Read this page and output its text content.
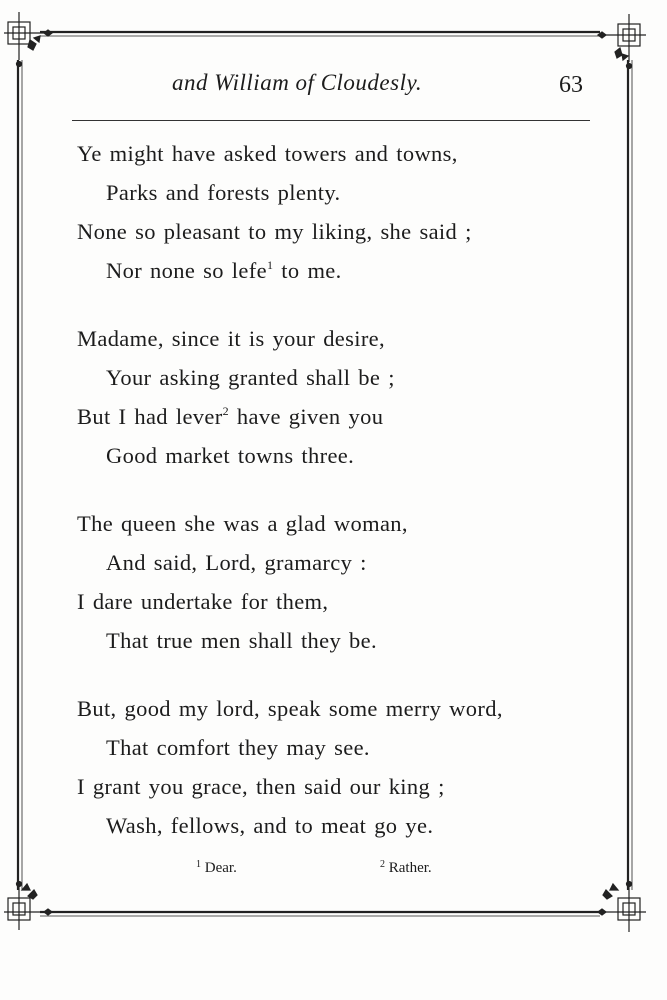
and William of Cloudesly.	63
Ye might have asked towers and towns,
Parks and forests plenty.
None so pleasant to my liking, she said ;
Nor none so lefe$^1$ to me.
Madame, since it is your desire,
Your asking granted shall be ;
But I had lever$^2$ have given you
Good market towns three.
The queen she was a glad woman,
And said, Lord, gramarcy :
I dare undertake for them,
That true men shall they be.
But, good my lord, speak some merry word,
That comfort they may see.
I grant you grace, then said our king ;
Wash, fellows, and to meat go ye.
$^1$ Dear.	$^2$ Rather.
